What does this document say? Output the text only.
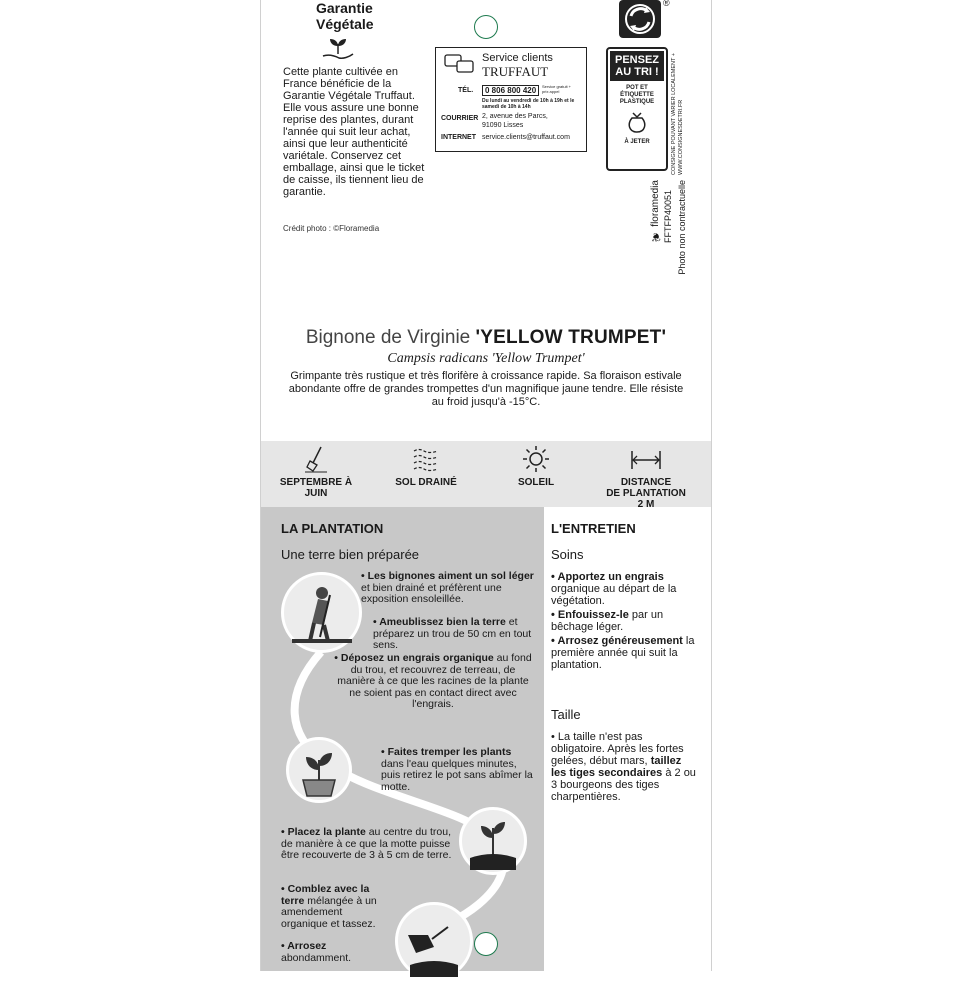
Garantie
Végétale
Cette plante cultivée en France bénéficie de la Garantie Végétale Truffaut. Elle vous assure une bonne reprise des plantes, durant l'année qui suit leur achat, ainsi que leur authenticité variétale. Conservez cet emballage, ainsi que le ticket de caisse, ils tiennent lieu de garantie.
Crédit photo : ©Floramedia
Service clients
TRUFFAUT
TÉL.	0 806 800 420	Service gratuit + prix appel
Du lundi au vendredi de 10h à 19h et le samedi de 10h à 14h
COURRIER 2, avenue des Parcs,
91090 Lisses
INTERNET service.clients@truffaut.com
®
PENSEZ
AU TRI !
POT ET ÉTIQUETTE PLASTIQUE
À JETER	CONSIGNE POUVANT VARIER LOCALEMENT + WWW.CONSIGNESDETRI.FR
❦ floramedia FFTFP40051 Photo non contractuelle
Bignone de Virginie 'YELLOW TRUMPET'
Campsis radicans 'Yellow Trumpet'
Grimpante très rustique et très florifère à croissance rapide. Sa floraison estivale abondante offre de grandes trompettes d'un magnifique jaune tendre. Elle résiste au froid jusqu'à -15°C.
SEPTEMBRE À
JUIN
SOL DRAINÉ	SOLEIL	DISTANCE
DE PLANTATION
2 M
LA PLANTATION
Une terre bien préparée
• Les bignones aiment un sol léger et bien drainé et préfèrent une exposition ensoleillée.
• Ameublissez bien la terre et préparez un trou de 50 cm en tout sens.
• Déposez un engrais organique au fond du trou, et recouvrez de terreau, de manière à ce que les racines de la plante ne soient pas en contact direct avec l'engrais.
• Faites tremper les plants dans l'eau quelques minutes, puis retirez le pot sans abîmer la motte.
• Placez la plante au centre du trou, de manière à ce que la motte puisse être recouverte de 3 à 5 cm de terre.
• Comblez avec la terre mélangée à un amendement organique et tassez.
• Arrosez abondamment.
L'ENTRETIEN
Soins
• Apportez un engrais organique au départ de la végétation.
• Enfouissez-le par un bêchage léger.
• Arrosez généreusement la première année qui suit la plantation.
Taille
• La taille n'est pas obligatoire. Après les fortes gelées, début mars, taillez les tiges secondaires à 2 ou 3 bourgeons des tiges charpentières.
